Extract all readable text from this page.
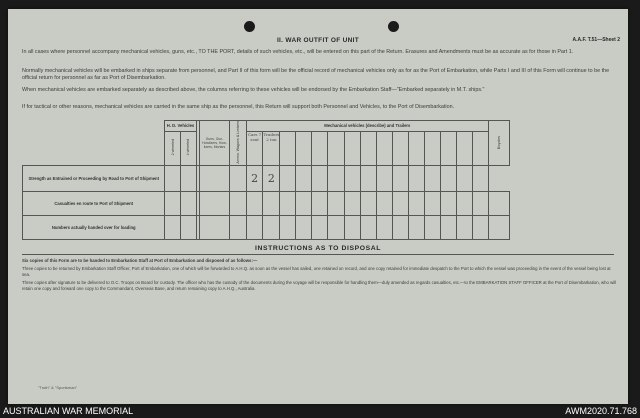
II. WAR OUTFIT OF UNIT	A.A.F. T.51—Sheet 2
In all cases where personnel accompany mechanical vehicles, guns, etc., TO THE PORT, details of such vehicles, etc., will be entered on this part of the Return. Erasures and Amendments must be as accurate as for those in Part 1.
Normally mechanical vehicles will be embarked in ships separate from personnel, and Part II of this form will be the official record of mechanical vehicles only as for as the Port of Embarkation, while Parts I and III of this Form will continue to be the official return for personnel as far as Port of Disembarkation.
When mechanical vehicles are embarked separately as described above, the columns referring to these vehicles will be endorsed by the Embarkation Staff—"Embarked separately in M.T. ships."
If for tactical or other reasons, mechanical vehicles are carried in the same ship as the personnel, this Return will support both Personnel and Vehicles, to the Port of Disembarkation.
	H. D. Vehicles			Guns, Gun-Howitzers, How-itzers, Mortars	Ammo. Wagons & Limbers	Mechanical vehicles (describe) and Trailers															Bicycles
	2 wheeled	4 wheeled				Cars 7 seat	Trailers 2 ton														
Strength as Entrained or Proceeding by Road to Port of Shipment						2	2														
Casualties en route to Port of Shipment																					
Numbers actually handed over for loading																					
INSTRUCTIONS AS TO DISPOSAL
Six copies of this Form are to be handed to Embarkation Staff at Port of Embarkation and disposed of as follows:—
Three copies to be returned by Embarkation Staff Officer, Port of Embarkation, one of which will be forwarded to A.H.Q. as soon as the vessel has sailed, one retained on record, and one copy retained for immediate despatch to the Port to which the vessel was proceeding in the event of the vessel being lost at sea.
Three copies after signature to be delivered to O.C. Troops on Board for custody. The officer who has the custody of the documents during the voyage will be responsible for handling them—duly amended as regards casualties, etc.—to the EMBARKATION STAFF OFFICER at the Port of Disembarkation, who will retain one copy and forward one copy to the Commandant, Overseas Base, and return remaining copy to A.H.Q., Australia.
"Truth" & "Sportsman"
AUSTRALIAN WAR MEMORIAL	AWM2020.71.768
